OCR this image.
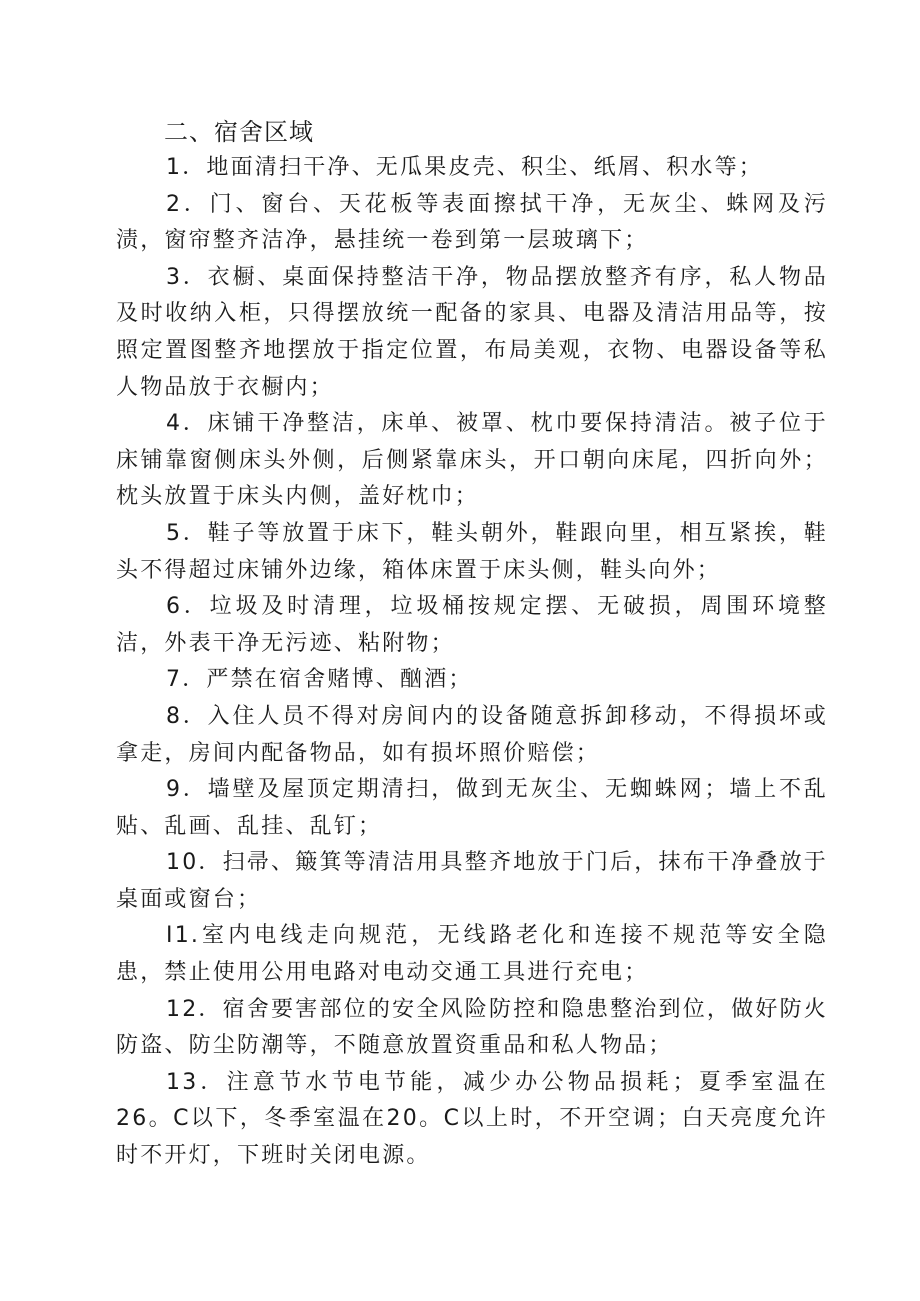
二、宿舍区域
1．地面清扫干净、无瓜果皮壳、积尘、纸屑、积水等；
2．门、窗台、天花板等表面擦拭干净，无灰尘、蛛网及污渍，窗帘整齐洁净，悬挂统一卷到第一层玻璃下；
3．衣橱、桌面保持整洁干净，物品摆放整齐有序，私人物品及时收纳入柜，只得摆放统一配备的家具、电器及清洁用品等，按照定置图整齐地摆放于指定位置，布局美观，衣物、电器设备等私人物品放于衣橱内；
4．床铺干净整洁，床单、被罩、枕巾要保持清洁。被子位于床铺靠窗侧床头外侧，后侧紧靠床头，开口朝向床尾，四折向外；枕头放置于床头内侧，盖好枕巾；
5．鞋子等放置于床下，鞋头朝外，鞋跟向里，相互紧挨，鞋头不得超过床铺外边缘，箱体床置于床头侧，鞋头向外；
6．垃圾及时清理，垃圾桶按规定摆、无破损，周围环境整洁，外表干净无污迹、粘附物；
7．严禁在宿舍赌博、酗酒；
8．入住人员不得对房间内的设备随意拆卸移动，不得损坏或拿走，房间内配备物品，如有损坏照价赔偿；
9．墙壁及屋顶定期清扫，做到无灰尘、无蜘蛛网；墙上不乱贴、乱画、乱挂、乱钉；
10．扫帚、簸箕等清洁用具整齐地放于门后，抹布干净叠放于桌面或窗台；
I1.室内电线走向规范，无线路老化和连接不规范等安全隐患，禁止使用公用电路对电动交通工具进行充电；
12．宿舍要害部位的安全风险防控和隐患整治到位，做好防火防盗、防尘防潮等，不随意放置资重品和私人物品；
13．注意节水节电节能，减少办公物品损耗；夏季室温在26。C以下，冬季室温在20。C以上时，不开空调；白天亮度允许时不开灯，下班时关闭电源。
